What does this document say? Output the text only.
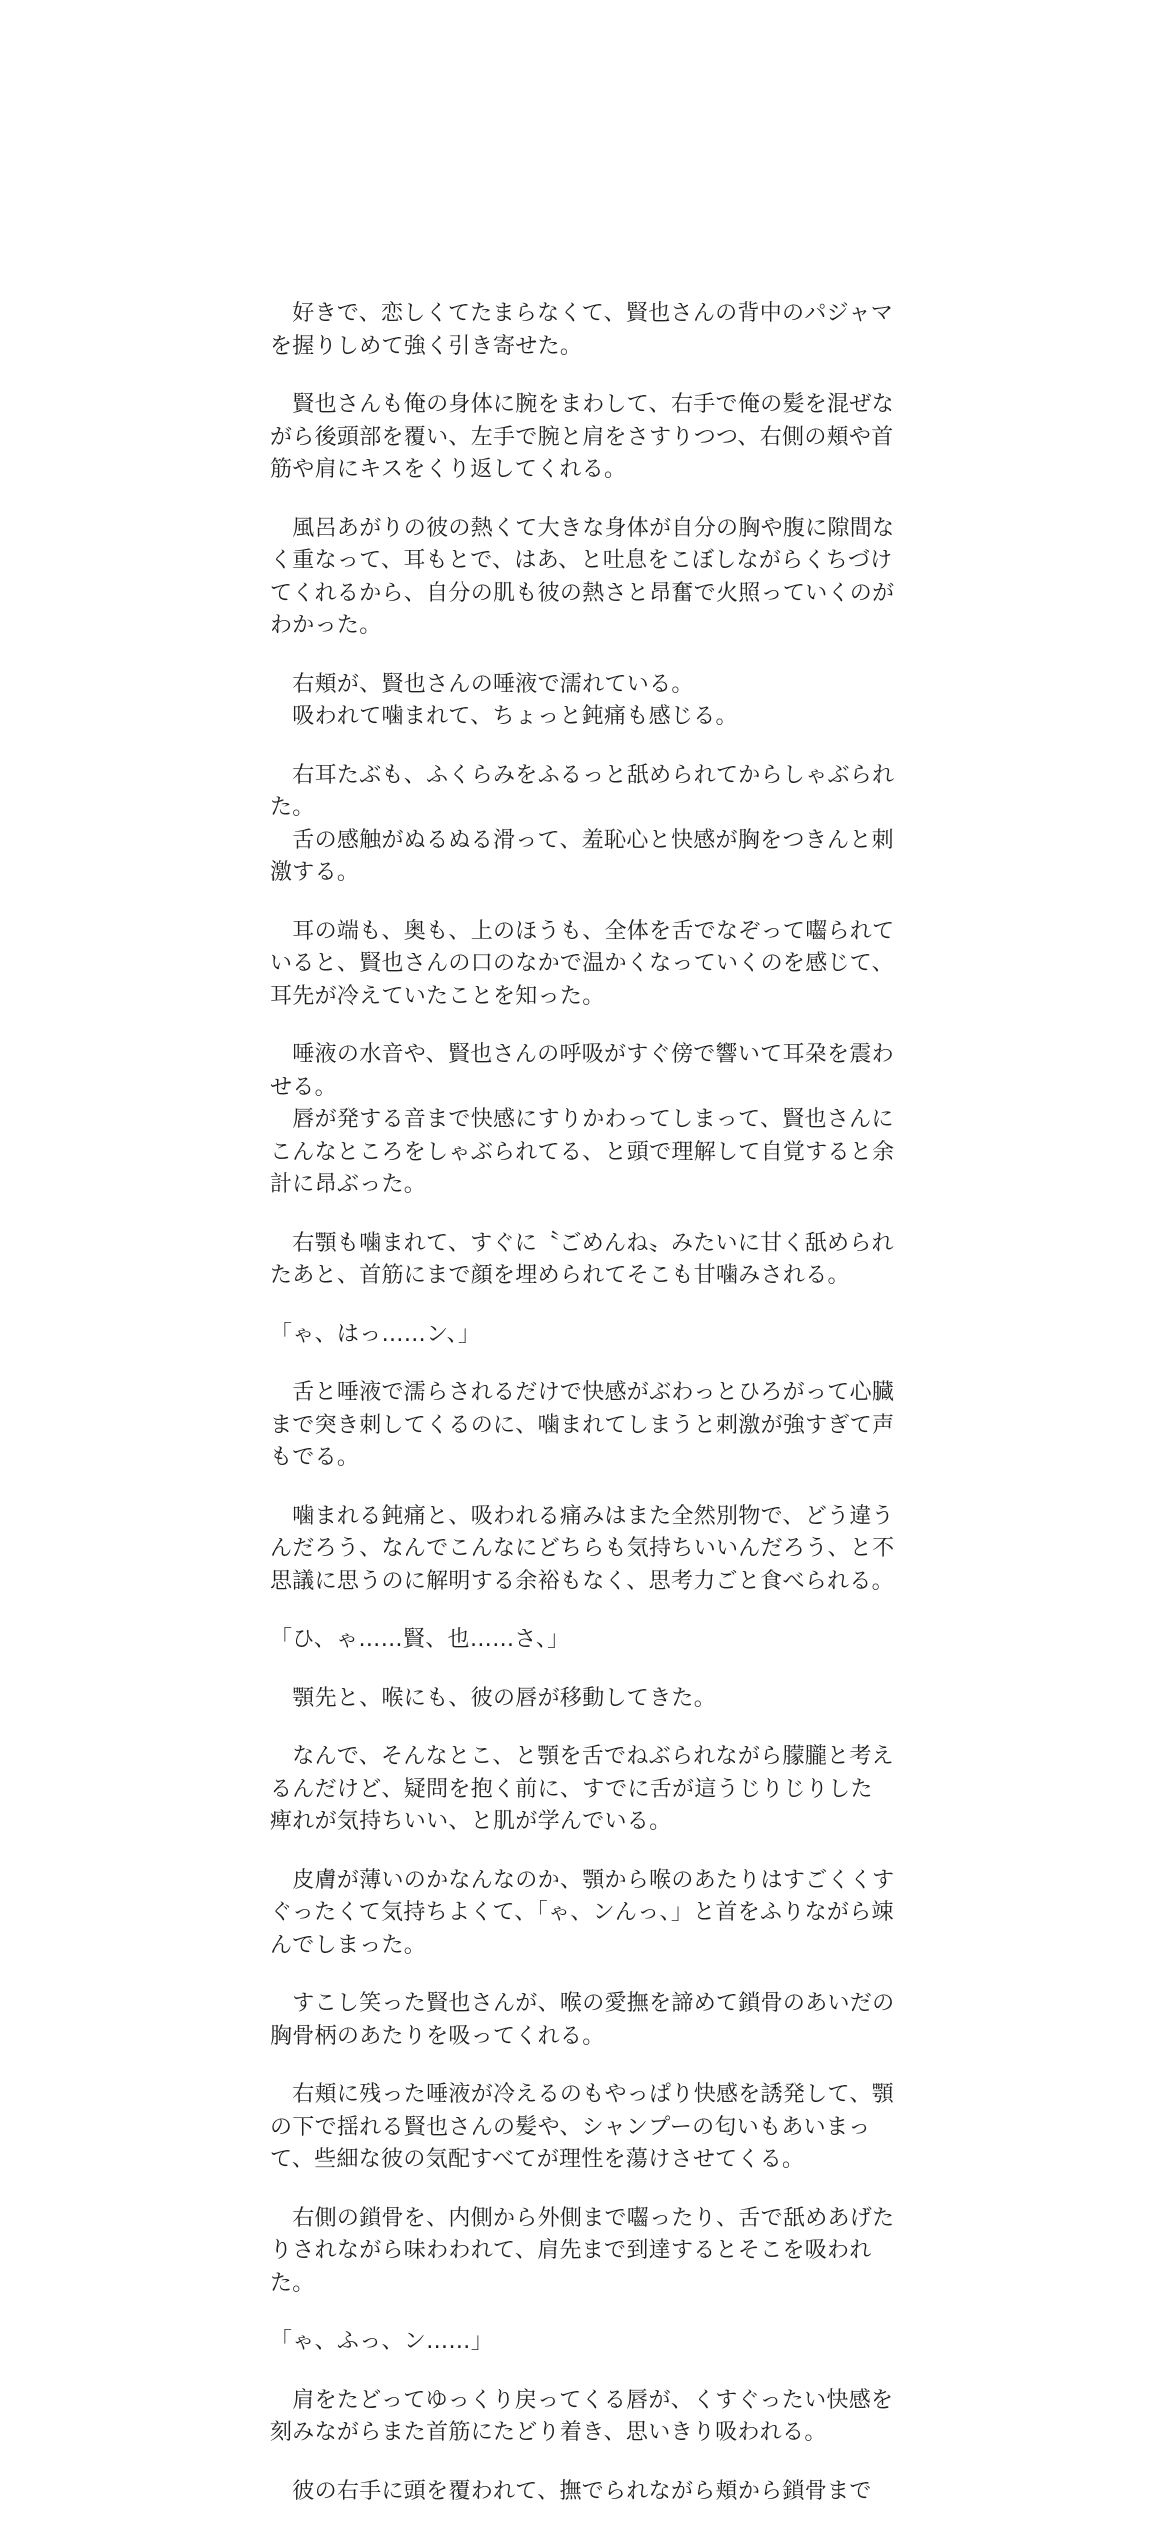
　好きで、恋しくてたまらなくて、賢也さんの背中のパジャマを握りしめて強く引き寄せた。

　賢也さんも俺の身体に腕をまわして、右手で俺の髪を混ぜながら後頭部を覆い、左手で腕と肩をさすりつつ、右側の頬や首筋や肩にキスをくり返してくれる。

　風呂あがりの彼の熱くて大きな身体が自分の胸や腹に隙間なく重なって、耳もとで、はあ、と吐息をこぼしながらくちづけてくれるから、自分の肌も彼の熱さと昂奮で火照っていくのがわかった。

　右頬が、賢也さんの唾液で濡れている。
　吸われて噛まれて、ちょっと鈍痛も感じる。

　右耳たぶも、ふくらみをふるっと舐められてからしゃぶられた。
　舌の感触がぬるぬる滑って、羞恥心と快感が胸をつきんと刺激する。

　耳の端も、奥も、上のほうも、全体を舌でなぞって囓られていると、賢也さんの口のなかで温かくなっていくのを感じて、耳先が冷えていたことを知った。

　唾液の水音や、賢也さんの呼吸がすぐ傍で響いて耳朶を震わせる。
　唇が発する音まで快感にすりかわってしまって、賢也さんにこんなところをしゃぶられてる、と頭で理解して自覚すると余計に昂ぶった。

　右顎も噛まれて、すぐに〝ごめんね〟みたいに甘く舐められたあと、首筋にまで顔を埋められてそこも甘噛みされる。

「ゃ、はっ……ン、」

　舌と唾液で濡らされるだけで快感がぶわっとひろがって心臓まで突き刺してくるのに、噛まれてしまうと刺激が強すぎて声もでる。

　噛まれる鈍痛と、吸われる痛みはまた全然別物で、どう違うんだろう、なんでこんなにどちらも気持ちいいんだろう、と不思議に思うのに解明する余裕もなく、思考力ごと食べられる。

「ひ、ゃ……賢、也……さ、」

　顎先と、喉にも、彼の唇が移動してきた。

　なんで、そんなとこ、と顎を舌でねぶられながら朦朧と考えるんだけど、疑問を抱く前に、すでに舌が這うじりじりした痺れが気持ちいい、と肌が学んでいる。

　皮膚が薄いのかなんなのか、顎から喉のあたりはすごくくすぐったくて気持ちよくて、「ゃ、ンんっ、」と首をふりながら竦んでしまった。

　すこし笑った賢也さんが、喉の愛撫を諦めて鎖骨のあいだの胸骨柄のあたりを吸ってくれる。

　右頬に残った唾液が冷えるのもやっぱり快感を誘発して、顎の下で揺れる賢也さんの髪や、シャンプーの匂いもあいまって、些細な彼の気配すべてが理性を蕩けさせてくる。

　右側の鎖骨を、内側から外側まで囓ったり、舌で舐めあげたりされながら味わわれて、肩先まで到達するとそこを吸われた。

「ゃ、ふっ、ン……」

　肩をたどってゆっくり戻ってくる唇が、くすぐったい快感を刻みながらまた首筋にたどり着き、思いきり吸われる。

　彼の右手に頭を覆われて、撫でられながら頬から鎖骨まで
